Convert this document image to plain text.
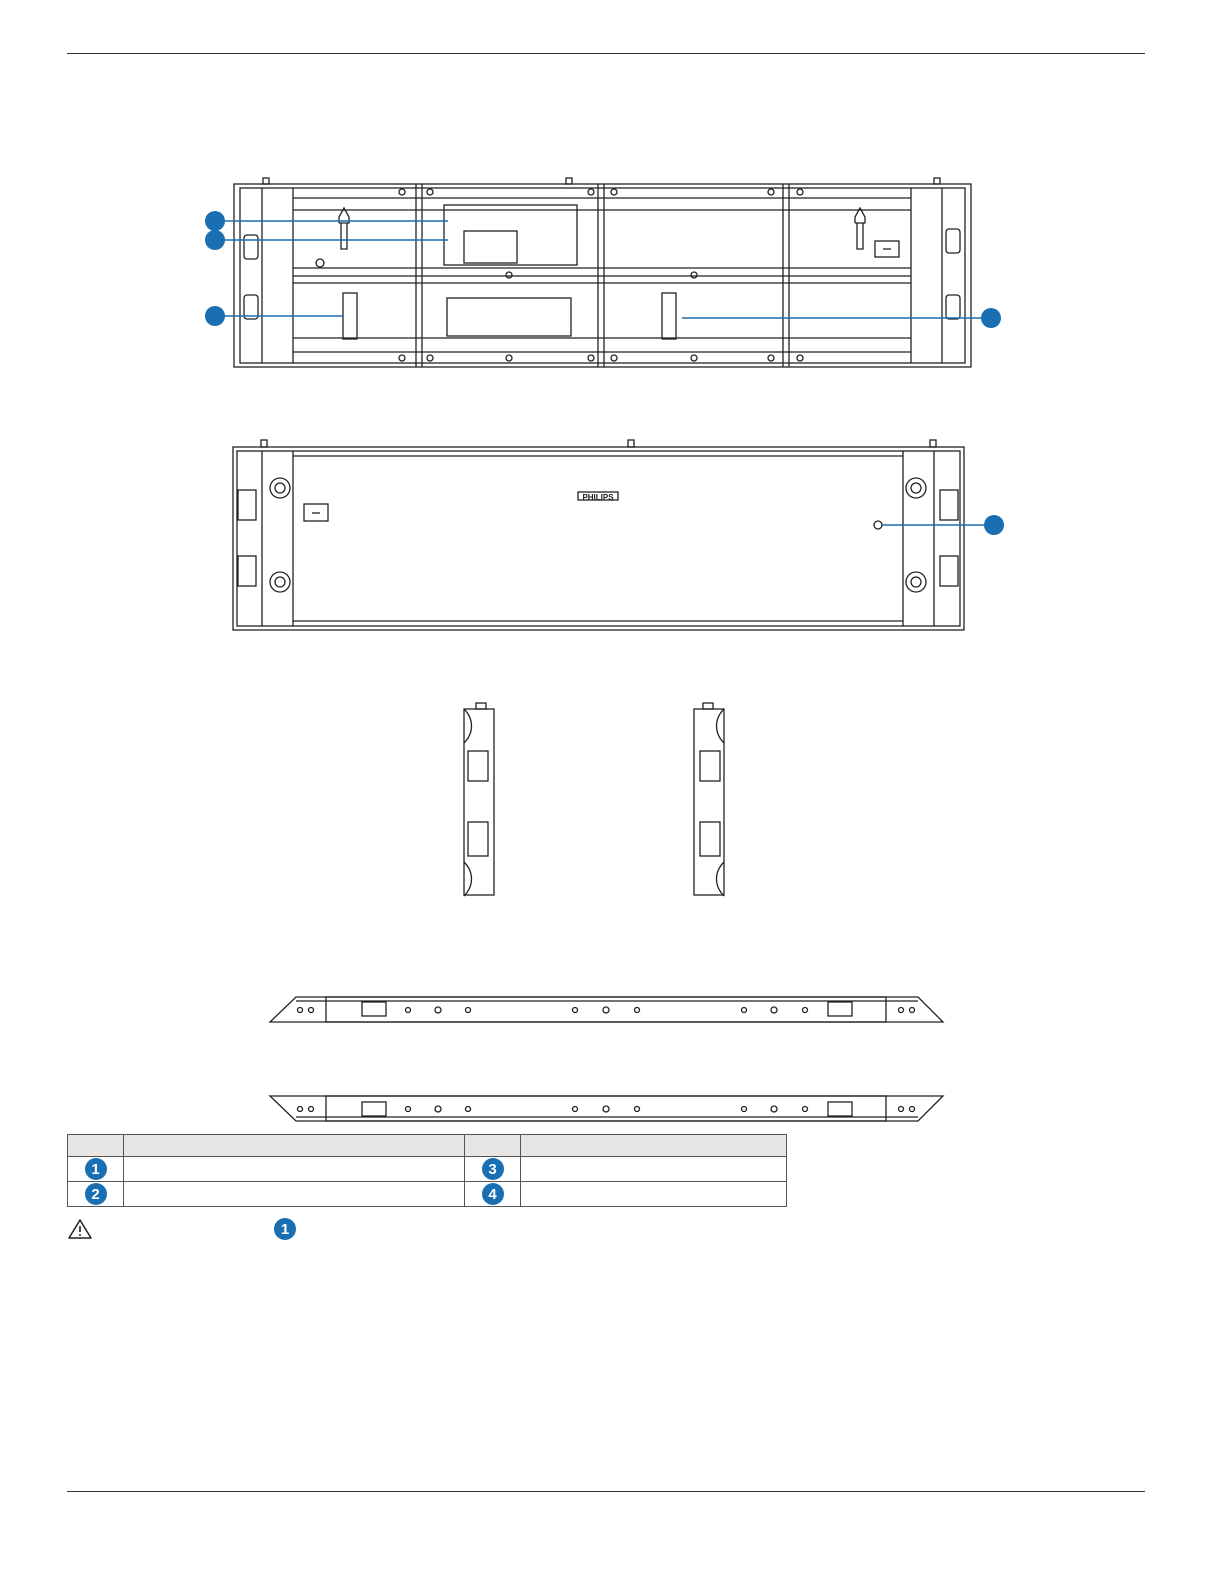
PHILIPS

1		3	
2		4	
1
